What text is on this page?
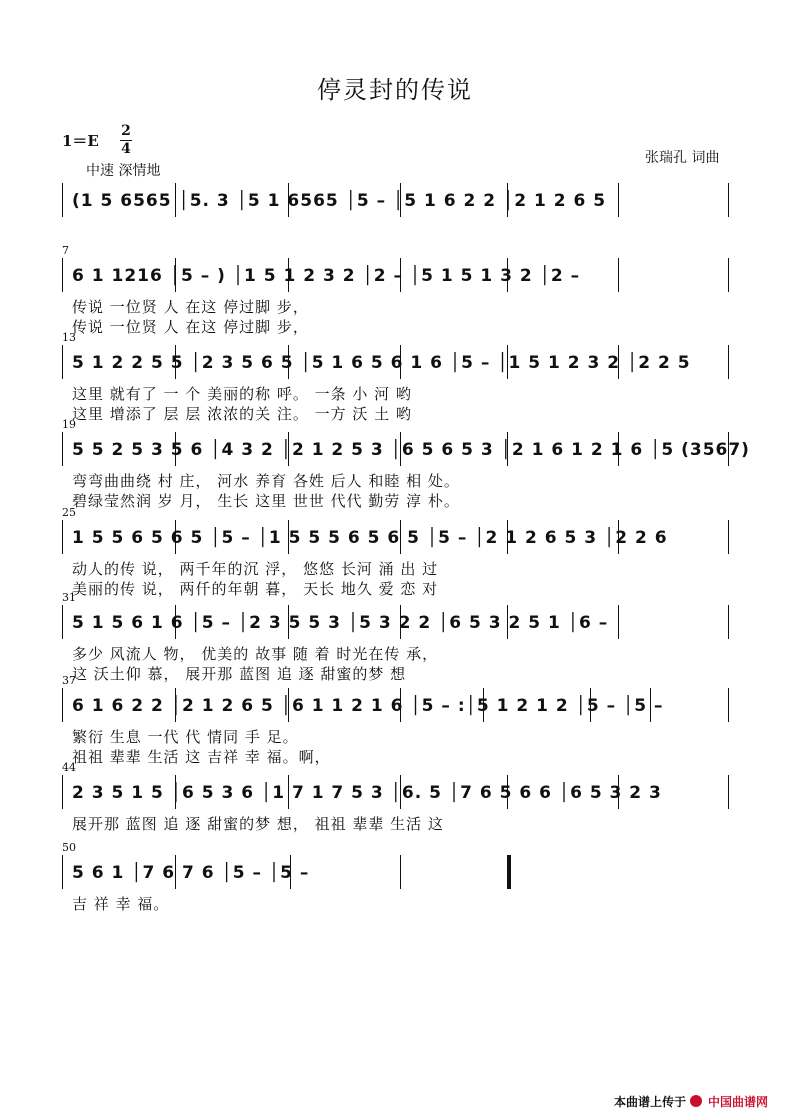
停灵封的传说
1＝E
2
4
中速 深情地
张瑞孔 词曲
(1 5 6565 │5. 3 │5 1 6565 │5 – │5 1 6 2 2 │2 1 2 6 5
7
6 1 1216 │5 – ) │1 5 1 2 3 2 │2 – │5 1 5 1 3 2 │2 –
传说 一位贤 人 在这 停过脚 步，
传说 一位贤 人 在这 停过脚 步，
13
5 1 2 2 5 5 │2 3 5 6 5 │5 1 6 5 6 1 6 │5 – │1 5 1 2 3 2 │2 2 5
这里 就有了 一 个 美丽的称 呼。 一条 小 河 哟
这里 增添了 层 层 浓浓的关 注。 一方 沃 土 哟
19
5 5 2 5 3 5 6 │4 3 2 │2 1 2 5 3 │6 5 6 5 3 │2 1 6 1 2 1 6 │5 (3567)
弯弯曲曲绕 村 庄， 河水 养育 各姓 后人 和睦 相 处。
碧绿莹然润 岁 月， 生长 这里 世世 代代 勤劳 淳 朴。
25
1 5 5 6 5 6 5 │5 – │1 5 5 5 6 5 6 5 │5 – │2 1 2 6 5 3 │2 2 6
动人的传 说， 两千年的沉 浮， 悠悠 长河 涌 出 过
美丽的传 说， 两仟的年朝 暮， 天长 地久 爱 恋 对
31
5 1 5 6 1 6 │5 – │2 3 5 5 3 │5 3 2 2 │6 5 3 2 5 1 │6 –
多少 风流人 物， 优美的 故事 随 着 时光在传 承，
这 沃土仰 慕， 展开那 蓝图 追 逐 甜蜜的梦 想
37
6 1 6 2 2 │2 1 2 6 5 │6 1 1 2 1 6 │5 – :│5 1 2 1 2 │5 – │5 –
繁衍 生息 一代 代 情同 手 足。
祖祖 辈辈 生活 这 吉祥 幸 福。啊，
44
2 3 5 1 5 │6 5 3 6 │1 7 1 7 5 3 │6. 5 │7 6 5 6 6 │6 5 3 2 3
展开那 蓝图 追 逐 甜蜜的梦 想， 祖祖 辈辈 生活 这
50
5 6 1 │7 6 7 6 │5 – │5 –
吉 祥 幸 福。
本曲谱上传于 中国曲谱网
